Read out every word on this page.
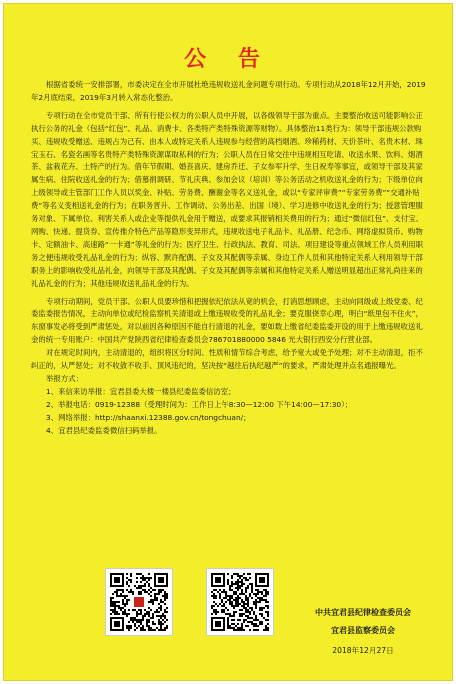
公 告

根据省委统一安排部署，市委决定在全市开展杜绝违规收送礼金问题专项行动。专项行动从2018年12月开始，2019年2月底结束，2019年3月转入常态化整治。

专项行动在全市党员干部、所有行使公权力的公职人员中开展，以各级领导干部为重点。主要整治收送可能影响公正执行公务的礼金（包括“红包”、礼品、消费卡、各类特产类特殊资源等财物）。具体整治11类行为：领导干部违规公款购买、违规收受赠送、违规占为己有、由本人或特定关系人违规参与经营的高档烟酒、珍稀药材、天价茶叶、名贵木材、珠宝玉石、名瓷名画等名贵特产类特殊资源谋取私利的行为；公职人员在日常交往中违规相互吃请、收送水果、饮料、烟酒茶、盆栽花卉、土特产的行为。借年节假期、婚丧喜庆、建房乔迁、子女参军升学、生日祝寿等事宜，或领导干部及其家属生病、住院收送礼金的行为；借慕捐调研、节礼庆典、参加会议（培训）等公务活动之机收送礼金的行为；下级单位向上级领导或主管部门工作人员以奖金、补贴、劳务费、酬谢金等名义送礼金，或以“专家评审费”“专家劳务费”“交通补贴费”等名义变相送礼金的行为；在职务晋升、工作调动、公务出差、出国（境）、学习进修中收送礼金的行为；授意管理服务对象、下属单位、利害关系人或企业等提供礼金用于赠送，或要求其报销相关费用的行为；通过“微信红包”、支付宝、网购、快递、提货券、宣传推介特色产品等隐形变异形式，违规收送电子礼品卡、礼品册、纪念币、网络虚拟货币、购物卡、定额油卡、高速路“一卡通”等礼金的行为；医疗卫生、行政执法、教育、司法、项目建设等重点领域工作人员利用职务之便违规收受礼品礼金的行为；纵容、默许配偶、子女及其配偶等亲属、身边工作人员和其他特定关系人利用领导干部职务上的影响收受礼品礼金，向领导干部及其配偶、子女及其配偶等亲属和其他特定关系人赠送明显超出正常礼尚往来的礼品礼金的行为；其他违规收送礼品礼金的行为。

专项行动期间，党员干部、公职人员要珍惜和把握依纪依法从宽的机会，打消思想顾虑，主动向同级或上级党委、纪委监委报告情况，主动向单位或纪检监察机关清退或上缴违规收受的礼品礼金；要克服侥幸心理，明白“纸里包不住火”，东窗事发必将受到严肃惩处。对以前因各种原因不能自行清退的礼金，要如数上缴省纪委监委开设的用于上缴违规收送礼金的统一专用账户：中国共产党陕西省纪律检查委员会786701880000 5846 光大银行西安分行营业部。

对在规定时间内，主动清退的，组织将区分时间、性质和情节综合考虑，给予宽大或免予处理；对不主动清退，拒不纠正的，从严惩处；对不收敛不收手、顶风违纪的，坚决按“越往后执纪越严”的要求，严肃处理并点名通报曝光。

举报方式：

1、来信来访举报：宜君县委大楼一楼县纪委监委信访室；

2、举报电话：0919-12388（受理时间为：工作日上午8:30—12:00 下午14:00—17:30）；

3、网络举报：http://shaanxi.12388.gov.cn/tongchuan/；

4、宜君县纪委监委微信扫码举报。

中共宜君县纪律检查委员会
宜君县监察委员会
2018年12月27日
